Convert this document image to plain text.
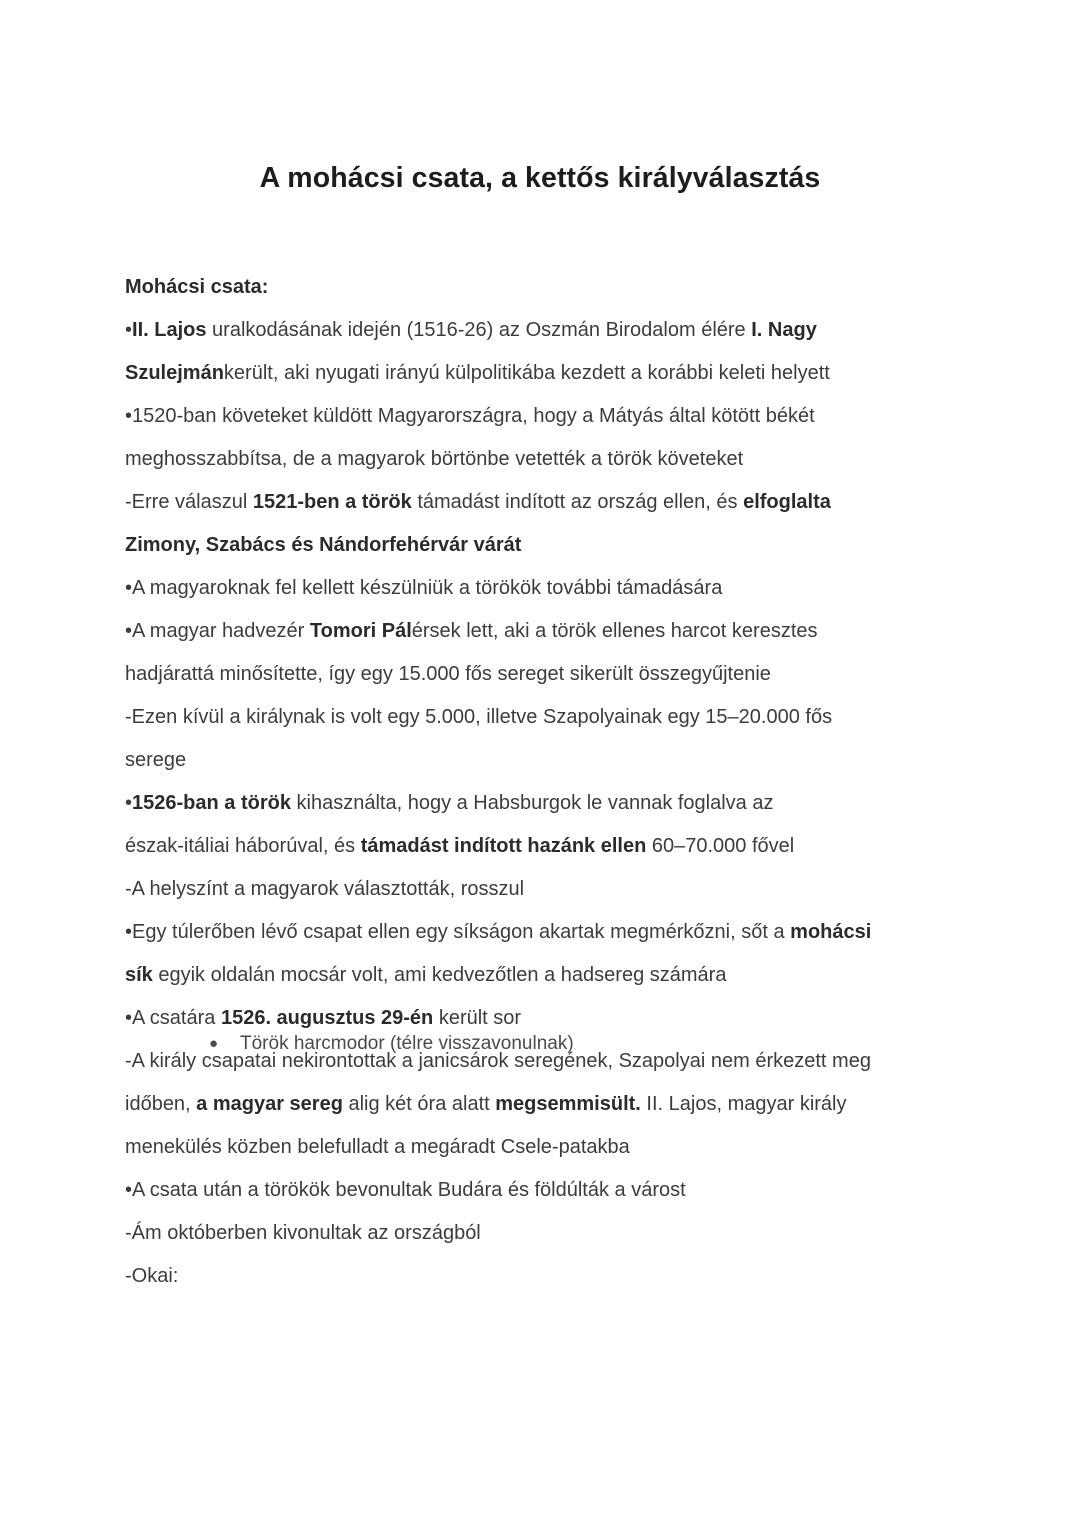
A mohácsi csata, a kettős királyválasztás
Mohácsi csata:
•II. Lajos uralkodásának idején (1516-26) az Oszmán Birodalom élére I. Nagy
Szulejmánkerült, aki nyugati irányú külpolitikába kezdett a korábbi keleti helyett
•1520-ban követeket küldött Magyarországra, hogy a Mátyás által kötött békét
meghosszabbítsa, de a magyarok börtönbe vetették a török követeket
-Erre válaszul 1521-ben a török támadást indított az ország ellen, és elfoglalta
Zimony, Szabács és Nándorfehérvár várát
•A magyaroknak fel kellett készülniük a törökök további támadására
•A magyar hadvezér Tomori Pálérsek lett, aki a török ellenes harcot keresztes
hadjárattá minősítette, így egy 15.000 fős sereget sikerült összegyűjtenie
-Ezen kívül a királynak is volt egy 5.000, illetve Szapolyainak egy 15–20.000 fős
serege
•1526-ban a török kihasználta, hogy a Habsburgok le vannak foglalva az
észak-itáliai háborúval, és támadást indított hazánk ellen 60–70.000 fővel
-A helyszínt a magyarok választották, rosszul
•Egy túlerőben lévő csapat ellen egy síkságon akartak megmérkőzni, sőt a mohácsi
sík egyik oldalán mocsár volt, ami kedvezőtlen a hadsereg számára
•A csatára 1526. augusztus 29-én került sor
-A király csapatai nekirontottak a janicsárok seregének, Szapolyai nem érkezett meg
időben, a magyar sereg alig két óra alatt megsemmisült. II. Lajos, magyar király
menekülés közben belefulladt a megáradt Csele-patakba
•A csata után a törökök bevonultak Budára és földúlták a várost
-Ám októberben kivonultak az országból
-Okai:
● Török harcmodor (télre visszavonulnak)
